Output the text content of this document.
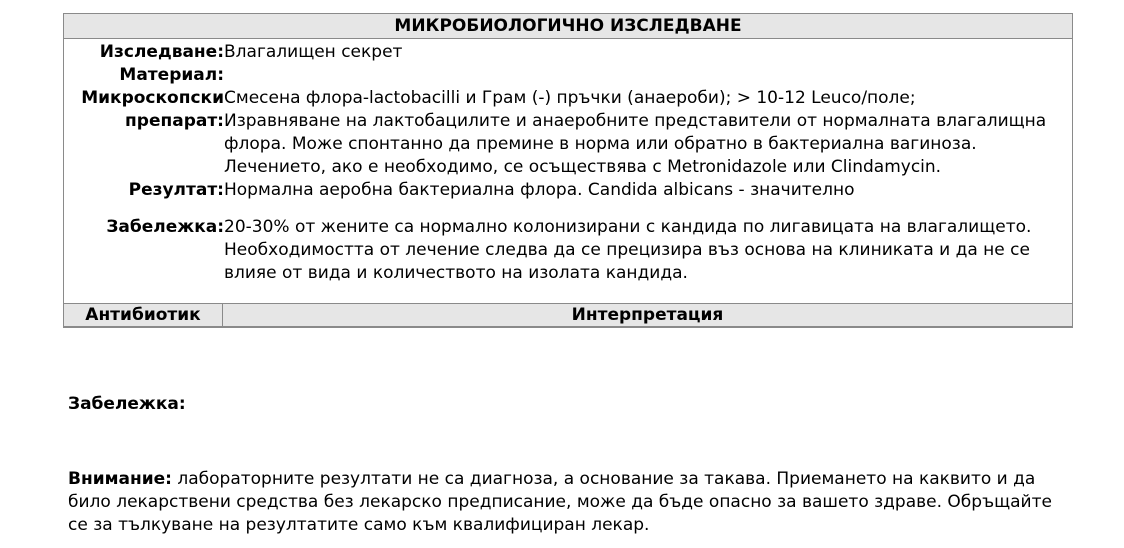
МИКРОБИОЛОГИЧНО ИЗСЛЕДВАНЕ
Изследване: Влагалищен секрет
Материал:
Микроскопски Смесена флора-lactobacilli и Грам (-) пръчки (анаероби); > 10-12 Leuco/поле;
препарат: Изравняване на лактобацилите и анаеробните представители от нормалната влагалищна флора. Може спонтанно да премине в норма или обратно в бактериална вагиноза. Лечението, ако е необходимо, се осъществява с Metronidazole или Clindamycin.
Резултат: Нормална аеробна бактериална флора. Candida albicans - значително
Забележка: 20-30% от жените са нормално колонизирани с кандида по лигавицата на влагалището. Необходимостта от лечение следва да се прецизира въз основа на клиниката и да не се влияе от вида и количеството на изолата кандида.
Антибиотик	Интерпретация
Забележка:
Внимание: лабораторните резултати не са диагноза, а основание за такава. Приемането на каквито и да било лекарствени средства без лекарско предписание, може да бъде опасно за вашето здраве. Обръщайте се за тълкуване на резултатите само към квалифициран лекар.
